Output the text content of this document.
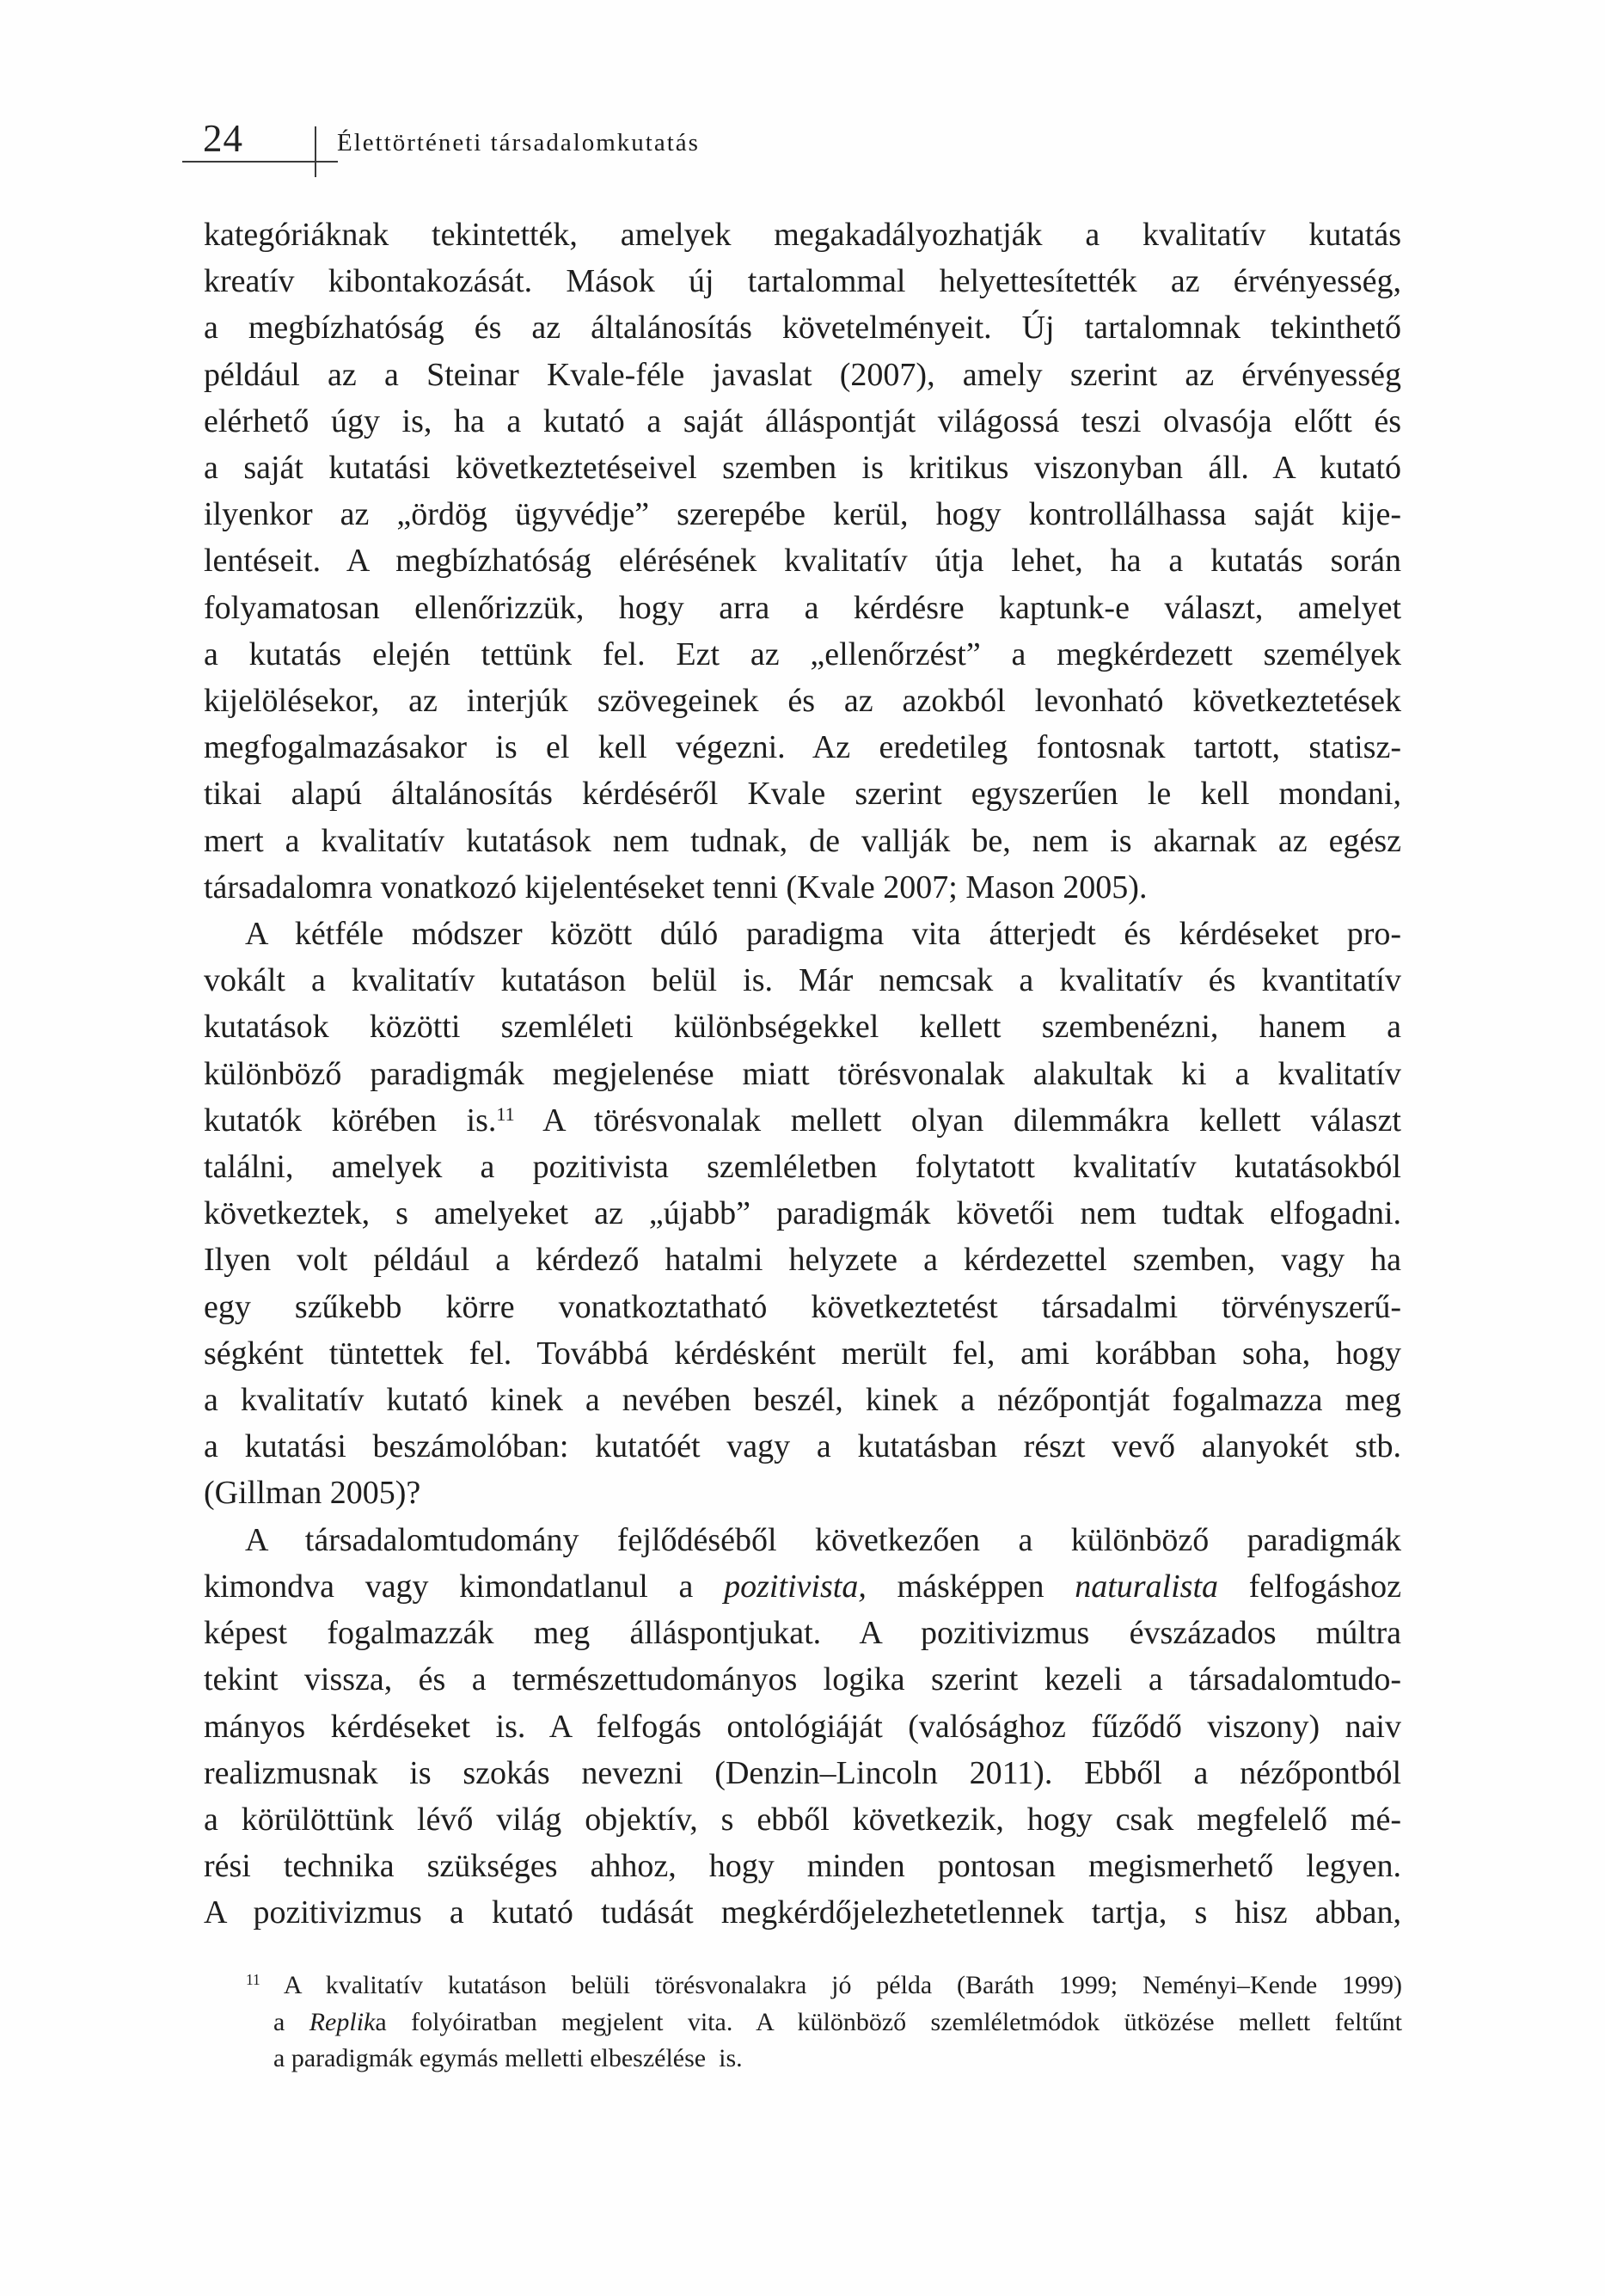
24	Élettörténeti társadalomkutatás
kategóriáknak tekintették, amelyek megakadályozhatják a kvalitatív kutatás
kreatív kibontakozását. Mások új tartalommal helyettesítették az érvényesség,
a megbízhatóság és az általánosítás követelményeit. Új tartalomnak tekinthető
például az a Steinar Kvale-féle javaslat (2007), amely szerint az érvényesség
elérhető úgy is, ha a kutató a saját álláspontját világossá teszi olvasója előtt és
a saját kutatási következtetéseivel szemben is kritikus viszonyban áll. A kutató
ilyenkor az „ördög ügyvédje” szerepébe kerül, hogy kontrollálhassa saját kije-
lentéseit. A megbízhatóság elérésének kvalitatív útja lehet, ha a kutatás során
folyamatosan ellenőrizzük, hogy arra a kérdésre kaptunk-e választ, amelyet
a kutatás elején tettünk fel. Ezt az „ellenőrzést” a megkérdezett személyek
kijelölésekor, az interjúk szövegeinek és az azokból levonható következtetések
megfogalmazásakor is el kell végezni. Az eredetileg fontosnak tartott, statisz-
tikai alapú általánosítás kérdéséről Kvale szerint egyszerűen le kell mondani,
mert a kvalitatív kutatások nem tudnak, de vallják be, nem is akarnak az egész
társadalomra vonatkozó kijelentéseket tenni (Kvale 2007; Mason 2005).
A kétféle módszer között dúló paradigma vita átterjedt és kérdéseket pro-
vokált a kvalitatív kutatáson belül is. Már nemcsak a kvalitatív és kvantitatív
kutatások közötti szemléleti különbségekkel kellett szembenézni, hanem a
különböző paradigmák megjelenése miatt törésvonalak alakultak ki a kvalitatív
kutatók körében is.$^{11}$ A törésvonalak mellett olyan dilemmákra kellett választ
találni, amelyek a pozitivista szemléletben folytatott kvalitatív kutatásokból
következtek, s amelyeket az „újabb” paradigmák követői nem tudtak elfogadni.
Ilyen volt például a kérdező hatalmi helyzete a kérdezettel szemben, vagy ha
egy szűkebb körre vonatkoztatható következtetést társadalmi törvényszerű-
ségként tüntettek fel. Továbbá kérdésként merült fel, ami korábban soha, hogy
a kvalitatív kutató kinek a nevében beszél, kinek a nézőpontját fogalmazza meg
a kutatási beszámolóban: kutatóét vagy a kutatásban részt vevő alanyokét stb.
(Gillman 2005)?
A társadalomtudomány fejlődéséből következően a különböző paradigmák
kimondva vagy kimondatlanul a pozitivista, másképpen naturalista felfogáshoz
képest fogalmazzák meg álláspontjukat. A pozitivizmus évszázados múltra
tekint vissza, és a természettudományos logika szerint kezeli a társadalomtudo-
mányos kérdéseket is. A felfogás ontológiáját (valósághoz fűződő viszony) naiv
realizmusnak is szokás nevezni (Denzin–Lincoln 2011). Ebből a nézőpontból
a körülöttünk lévő világ objektív, s ebből következik, hogy csak megfelelő mé-
rési technika szükséges ahhoz, hogy minden pontosan megismerhető legyen.
A pozitivizmus a kutató tudását megkérdőjelezhetetlennek tartja, s hisz abban,
$^{11}$ A kvalitatív kutatáson belüli törésvonalakra jó példa (Baráth 1999; Neményi–Kende 1999)
a Replika folyóiratban megjelent vita. A különböző szemléletmódok ütközése mellett feltűnt
a paradigmák egymás melletti elbeszélése  is.
